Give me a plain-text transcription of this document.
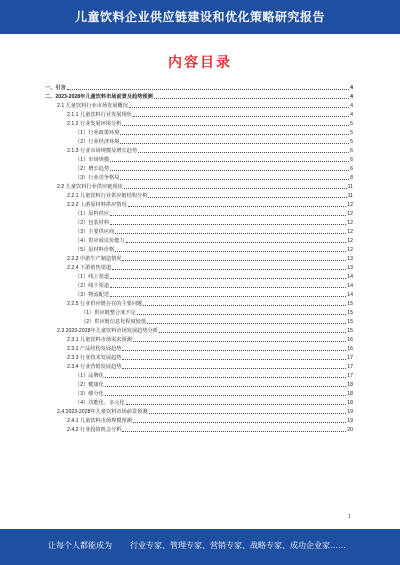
儿童饮料企业供应链建设和优化策略研究报告
内容目录
一、引言	4
二、2023-2028年儿童饮料市场前景及趋势预测	4
2.1 儿童饮料行业市场发展概况	4
2.1.1 儿童饮料行业发展现状	4
2.1.2 行业发展环境分析	5
（1）行业政策环境	5
（2）行业经济环境	5
2.1.3 行业市场规模及增长趋势	6
（1）市场规模	6
（2）增长趋势	6
（3）行业竞争格局	8
2.2 儿童饮料行业供应链现状	11
2.2.1 儿童饮料行业供应链结构分析	11
2.2.2 上游原材料供应情况	12
（1）原料供应	12
（2）包装材料	12
（3）主要供应商	12
（4）供应商议价能力	12
（5）原材料价格	12
2.2.3 中游生产制造情况	13
2.2.4 下游销售渠道	13
（1）线上渠道	14
（2）线下渠道	14
（3）物流配送	14
2.2.5 行业供应链存在的主要问题	15
（1）供应链整合度不足	15
（2）供应链信息化程度较低	15
2.3 2023-2028年儿童饮料市场发展趋势分析	15
2.3.1 儿童饮料市场需求预测	16
2.3.2 产品结构发展趋势	16
2.3.3 行业技术发展趋势	17
2.3.4 行业营销发展趋势	17
（1）品牌化	17
（2）健康化	18
（3）细分化	18
（4）功能化、多元化	18
2.4 2023-2028年儿童饮料市场前景预测	19
2.4.1 儿童饮料市场规模预测	19
2.4.2 行业投资机会分析	20
1
让每个人都能成为 行业专家、管理专家、营销专家、战略专家、成功企业家……
